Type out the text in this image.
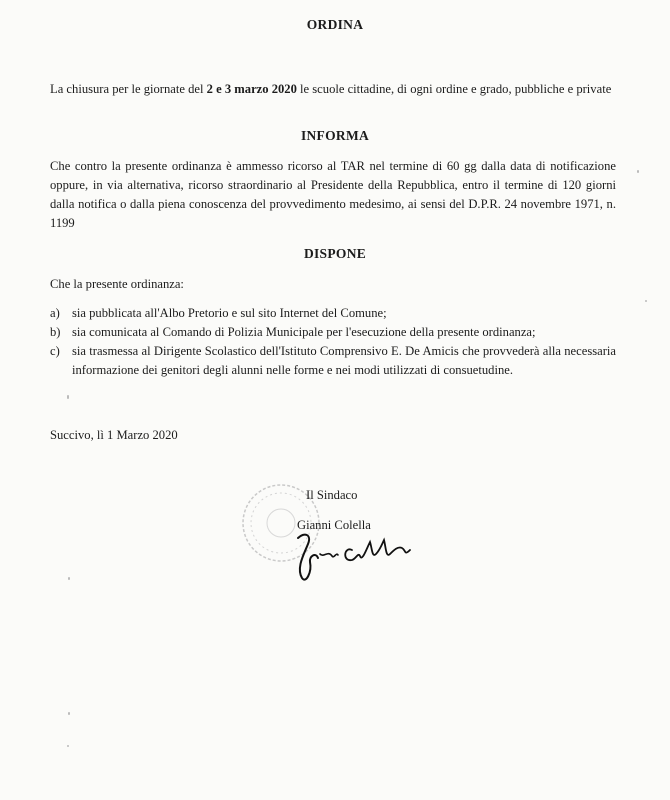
ORDINA
La chiusura per le giornate del 2 e 3 marzo 2020 le scuole cittadine, di ogni ordine e grado, pubbliche e private
INFORMA
Che contro la presente ordinanza è ammesso ricorso al TAR nel termine di 60 gg dalla data di notificazione oppure, in via alternativa, ricorso straordinario al Presidente della Repubblica, entro il termine di 120 giorni dalla notifica o dalla piena conoscenza del provvedimento medesimo, ai sensi del D.P.R. 24 novembre 1971, n. 1199
DISPONE
Che la presente ordinanza:
a) sia pubblicata all'Albo Pretorio e sul sito Internet del Comune;
b) sia comunicata al Comando di Polizia Municipale per l'esecuzione della presente ordinanza;
c) sia trasmessa al Dirigente Scolastico dell'Istituto Comprensivo E. De Amicis che provvederà alla necessaria informazione dei genitori degli alunni nelle forme e nei modi utilizzati di consuetudine.
Succivo, lì 1 Marzo 2020
Il Sindaco
Gianni Colella
